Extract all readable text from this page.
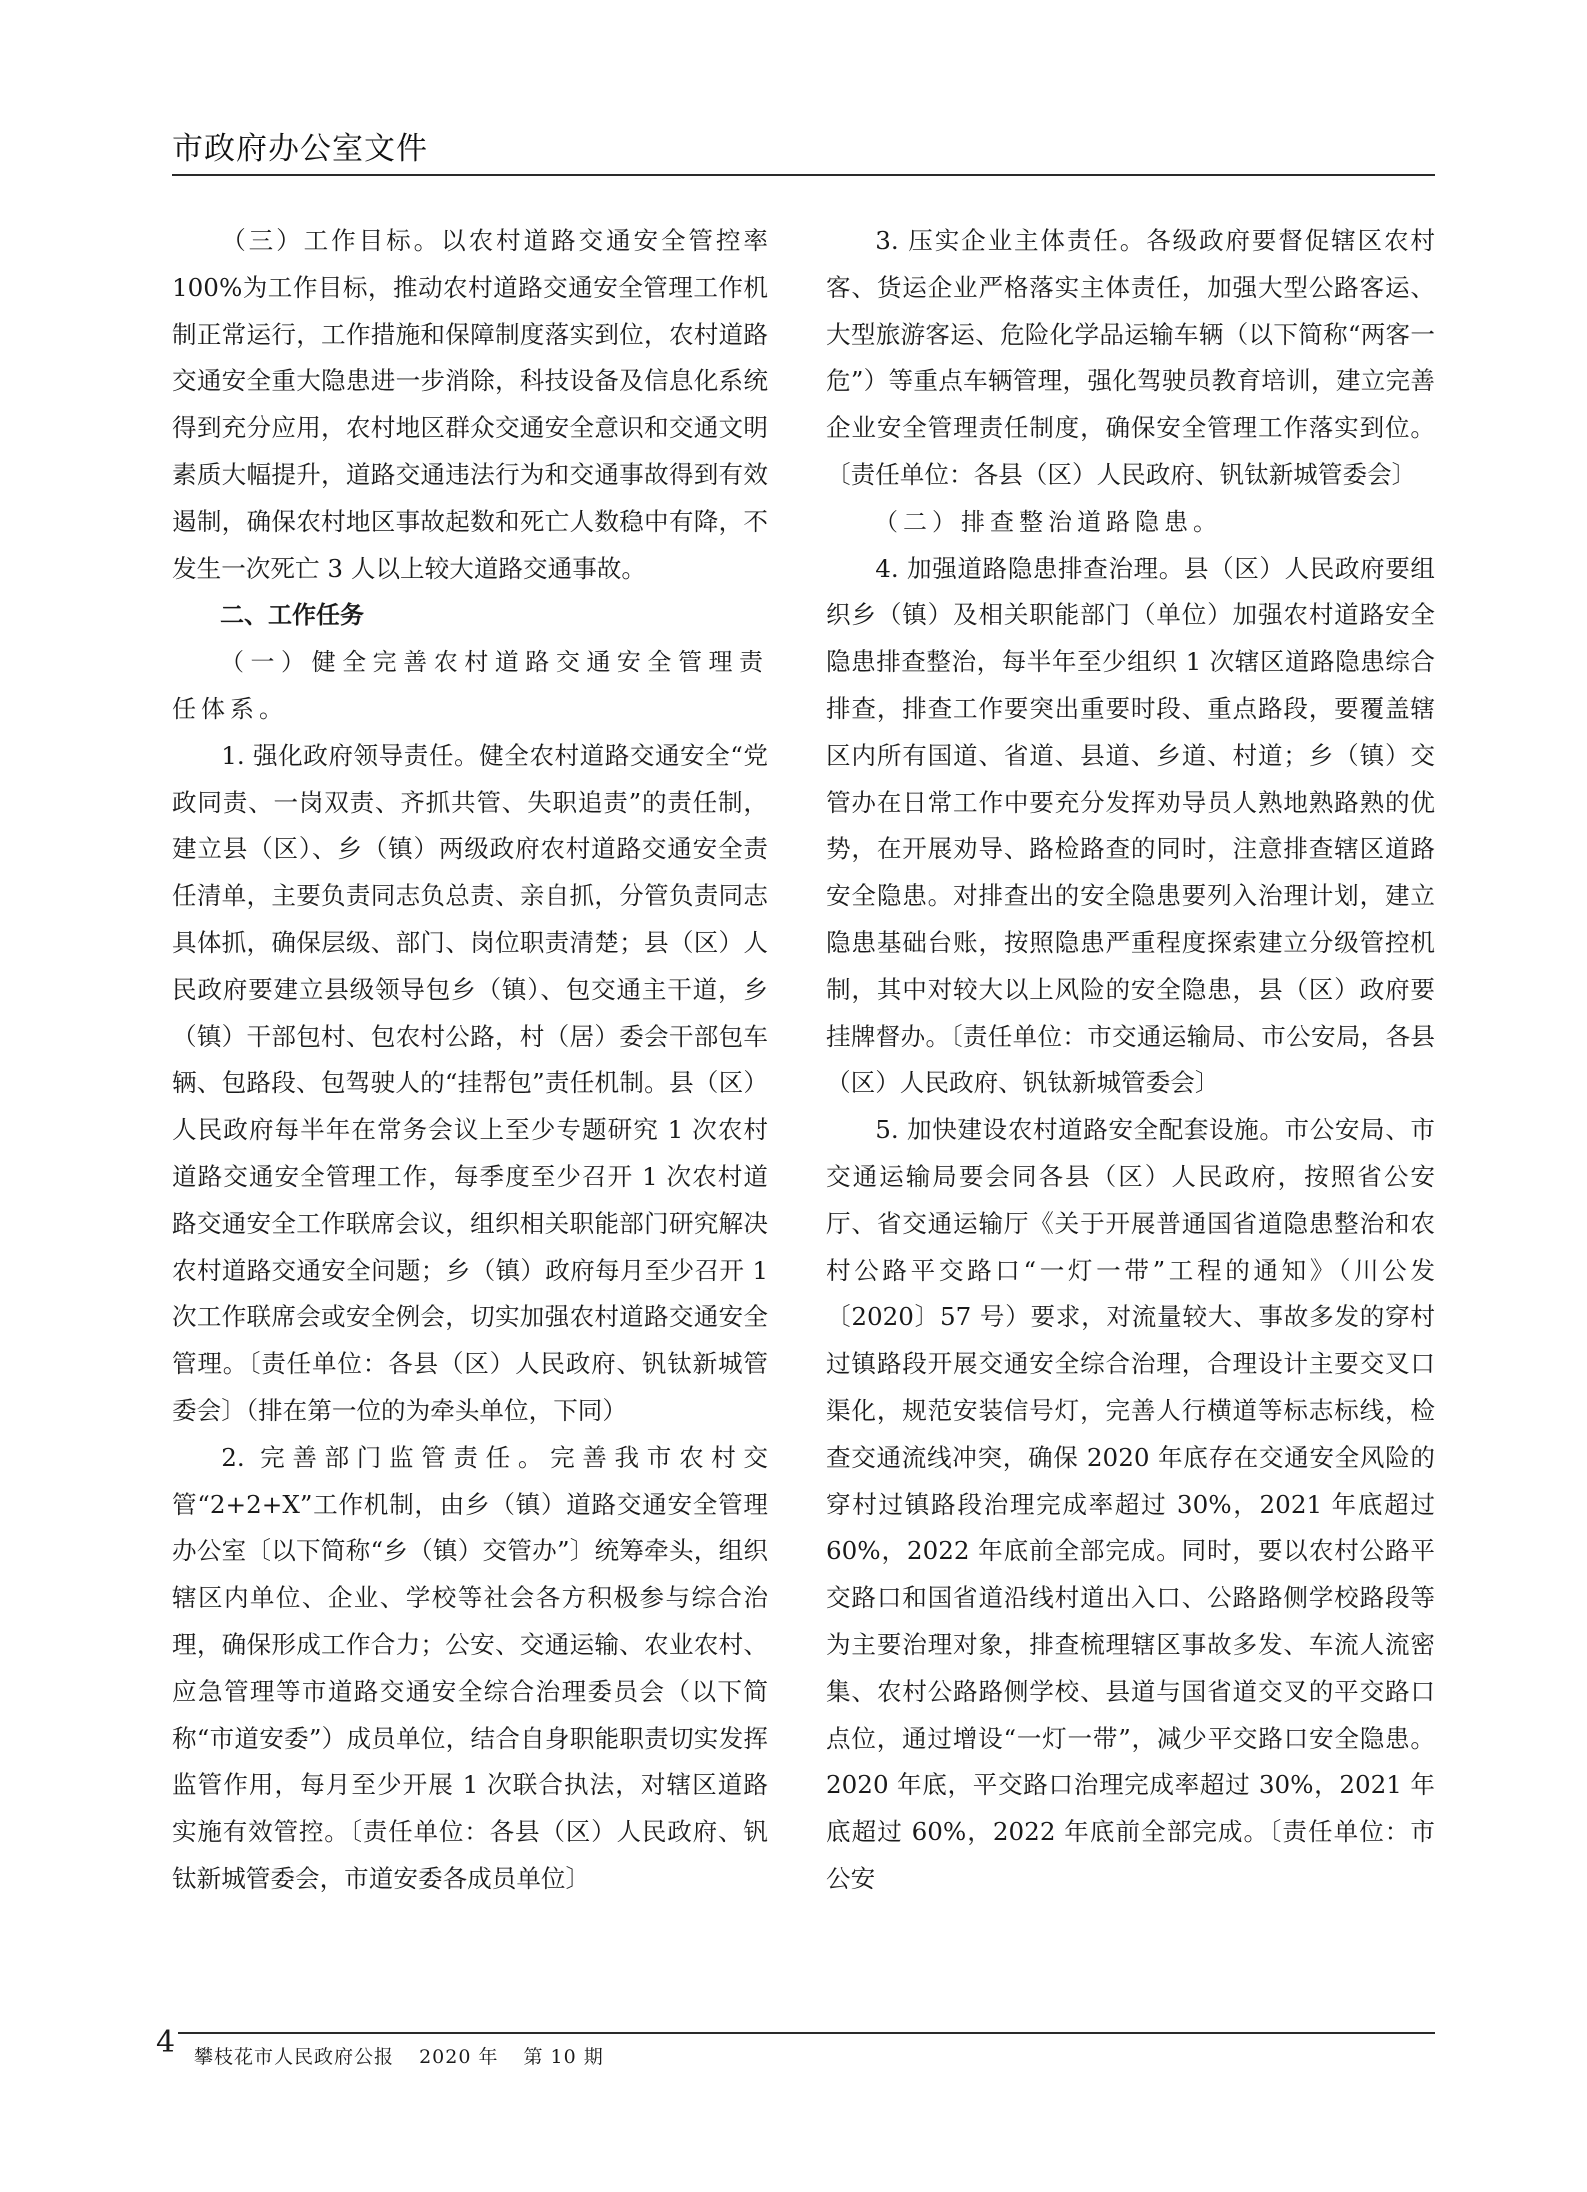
市政府办公室文件

（三）工作目标。以农村道路交通安全管控率100%为工作目标，推动农村道路交通安全管理工作机制正常运行，工作措施和保障制度落实到位，农村道路交通安全重大隐患进一步消除，科技设备及信息化系统得到充分应用，农村地区群众交通安全意识和交通文明素质大幅提升，道路交通违法行为和交通事故得到有效遏制，确保农村地区事故起数和死亡人数稳中有降，不发生一次死亡 3 人以上较大道路交通事故。

二、工作任务

（一）健全完善农村道路交通安全管理责任体系。

1. 强化政府领导责任。健全农村道路交通安全“党政同责、一岗双责、齐抓共管、失职追责”的责任制，建立县（区）、乡（镇）两级政府农村道路交通安全责任清单，主要负责同志负总责、亲自抓，分管负责同志具体抓，确保层级、部门、岗位职责清楚；县（区）人民政府要建立县级领导包乡（镇）、包交通主干道，乡（镇）干部包村、包农村公路，村（居）委会干部包车辆、包路段、包驾驶人的“挂帮包”责任机制。县（区）人民政府每半年在常务会议上至少专题研究 1 次农村道路交通安全管理工作，每季度至少召开 1 次农村道路交通安全工作联席会议，组织相关职能部门研究解决农村道路交通安全问题；乡（镇）政府每月至少召开 1 次工作联席会或安全例会，切实加强农村道路交通安全管理。〔责任单位：各县（区）人民政府、钒钛新城管委会〕（排在第一位的为牵头单位，下同）

2. 完善部门监管责任。完善我市农村交管“2+2+X”工作机制，由乡（镇）道路交通安全管理办公室〔以下简称“乡（镇）交管办”〕统筹牵头，组织辖区内单位、企业、学校等社会各方积极参与综合治理，确保形成工作合力；公安、交通运输、农业农村、应急管理等市道路交通安全综合治理委员会（以下简称“市道安委”）成员单位，结合自身职能职责切实发挥监管作用，每月至少开展 1 次联合执法，对辖区道路实施有效管控。〔责任单位：各县（区）人民政府、钒钛新城管委会，市道安委各成员单位〕

3. 压实企业主体责任。各级政府要督促辖区农村客、货运企业严格落实主体责任，加强大型公路客运、大型旅游客运、危险化学品运输车辆（以下简称“两客一危”）等重点车辆管理，强化驾驶员教育培训，建立完善企业安全管理责任制度，确保安全管理工作落实到位。〔责任单位：各县（区）人民政府、钒钛新城管委会〕

（二）排查整治道路隐患。

4. 加强道路隐患排查治理。县（区）人民政府要组织乡（镇）及相关职能部门（单位）加强农村道路安全隐患排查整治，每半年至少组织 1 次辖区道路隐患综合排查，排查工作要突出重要时段、重点路段，要覆盖辖区内所有国道、省道、县道、乡道、村道；乡（镇）交管办在日常工作中要充分发挥劝导员人熟地熟路熟的优势，在开展劝导、路检路查的同时，注意排查辖区道路安全隐患。对排查出的安全隐患要列入治理计划，建立隐患基础台账，按照隐患严重程度探索建立分级管控机制，其中对较大以上风险的安全隐患，县（区）政府要挂牌督办。〔责任单位：市交通运输局、市公安局，各县（区）人民政府、钒钛新城管委会〕

5. 加快建设农村道路安全配套设施。市公安局、市交通运输局要会同各县（区）人民政府，按照省公安厅、省交通运输厅《关于开展普通国省道隐患整治和农村公路平交路口“一灯一带”工程的通知》（川公发〔2020〕57 号）要求，对流量较大、事故多发的穿村过镇路段开展交通安全综合治理，合理设计主要交叉口渠化，规范安装信号灯，完善人行横道等标志标线，检查交通流线冲突，确保 2020 年底存在交通安全风险的穿村过镇路段治理完成率超过 30%，2021 年底超过 60%，2022 年底前全部完成。同时，要以农村公路平交路口和国省道沿线村道出入口、公路路侧学校路段等为主要治理对象，排查梳理辖区事故多发、车流人流密集、农村公路路侧学校、县道与国省道交叉的平交路口点位，通过增设“一灯一带”，减少平交路口安全隐患。2020 年底，平交路口治理完成率超过 30%，2021 年底超过 60%，2022 年底前全部完成。〔责任单位：市公安

4 攀枝花市人民政府公报 2020 年 第 10 期
